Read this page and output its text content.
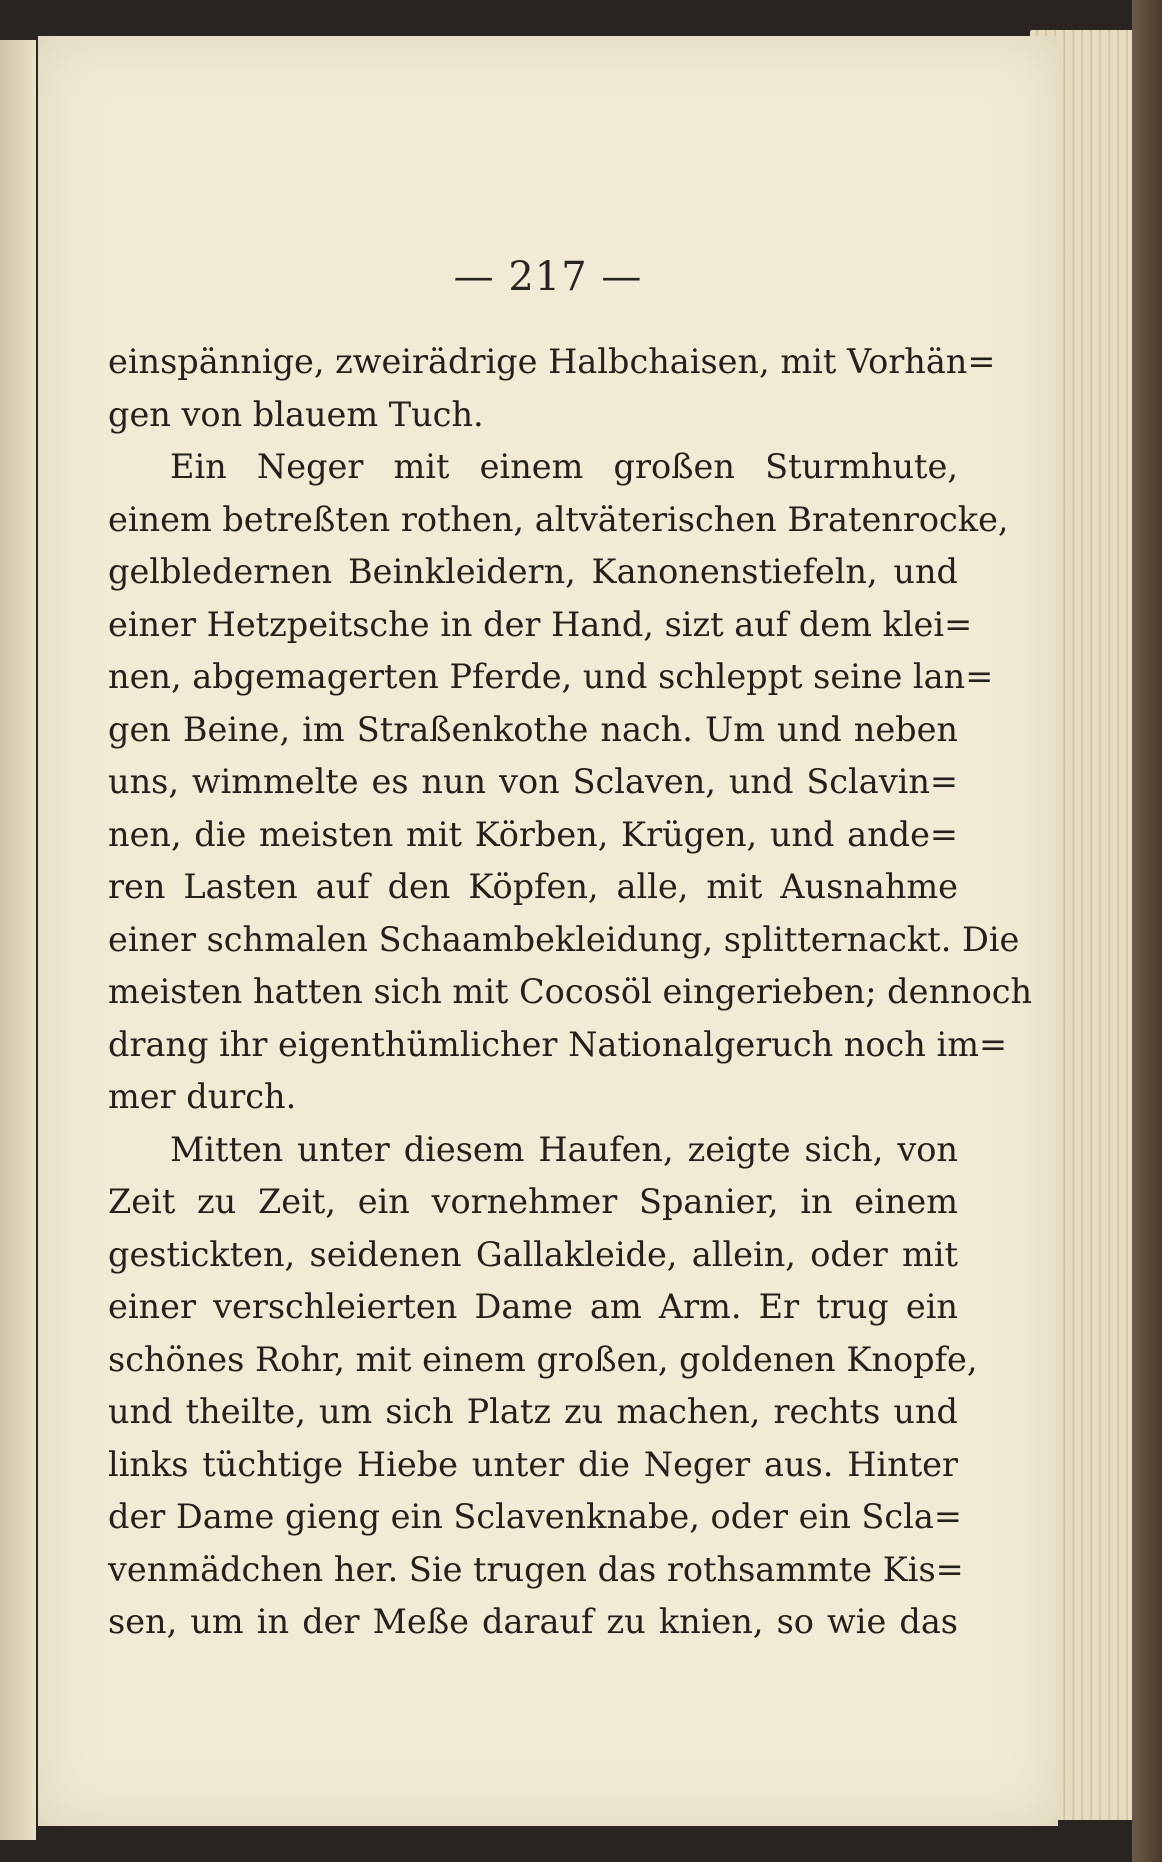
— 217 —
einspännige, zweirädrige Halbchaisen, mit Vorhän=
gen von blauem Tuch.
Ein Neger mit einem großen Sturmhute,
einem betreßten rothen, altväterischen Bratenrocke,
gelbledernen Beinkleidern, Kanonenstiefeln, und
einer Hetzpeitsche in der Hand, sizt auf dem klei=
nen, abgemagerten Pferde, und schleppt seine lan=
gen Beine, im Straßenkothe nach. Um und neben
uns, wimmelte es nun von Sclaven, und Sclavin=
nen, die meisten mit Körben, Krügen, und ande=
ren Lasten auf den Köpfen, alle, mit Ausnahme
einer schmalen Schaambekleidung, splitternackt. Die
meisten hatten sich mit Cocosöl eingerieben; dennoch
drang ihr eigenthümlicher Nationalgeruch noch im=
mer durch.
Mitten unter diesem Haufen, zeigte sich, von
Zeit zu Zeit, ein vornehmer Spanier, in einem
gestickten, seidenen Gallakleide, allein, oder mit
einer verschleierten Dame am Arm. Er trug ein
schönes Rohr, mit einem großen, goldenen Knopfe,
und theilte, um sich Platz zu machen, rechts und
links tüchtige Hiebe unter die Neger aus. Hinter
der Dame gieng ein Sclavenknabe, oder ein Scla=
venmädchen her. Sie trugen das rothsammte Kis=
sen, um in der Meße darauf zu knien, so wie das
